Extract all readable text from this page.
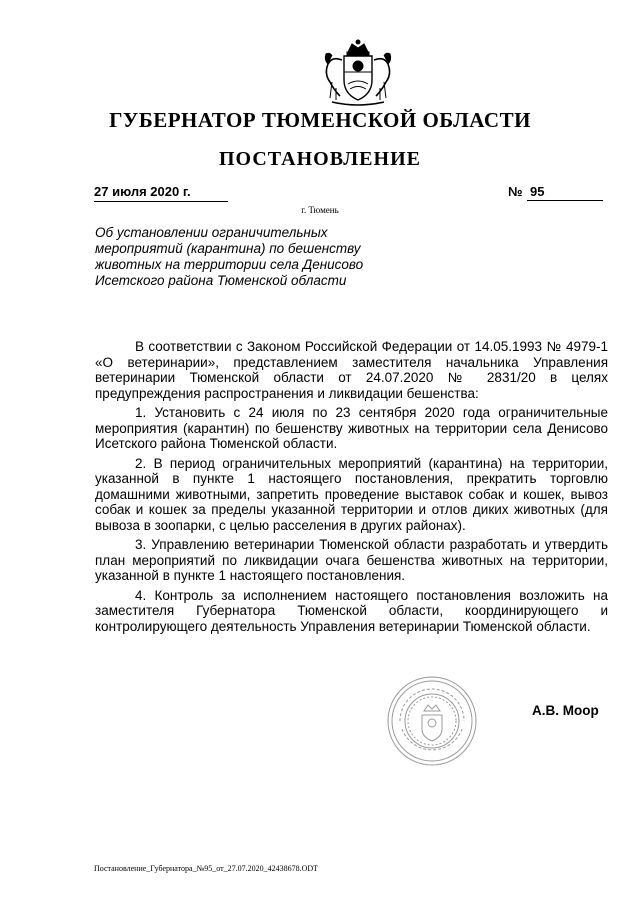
ГУБЕРНАТОР ТЮМЕНСКОЙ ОБЛАСТИ
ПОСТАНОВЛЕНИЕ
27 июля 2020 г.	№ 95
г. Тюмень
Об установлении ограничительных мероприятий (карантина) по бешенству животных на территории села Денисово Исетского района Тюменской области

В соответствии с Законом Российской Федерации от 14.05.1993 № 4979-1 «О ветеринарии», представлением заместителя начальника Управления ветеринарии Тюменской области от 24.07.2020 № 2831/20 в целях предупреждения распространения и ликвидации бешенства:

1. Установить с 24 июля по 23 сентября 2020 года ограничительные мероприятия (карантин) по бешенству животных на территории села Денисово Исетского района Тюменской области.

2. В период ограничительных мероприятий (карантина) на территории, указанной в пункте 1 настоящего постановления, прекратить торговлю домашними животными, запретить проведение выставок собак и кошек, вывоз собак и кошек за пределы указанной территории и отлов диких животных (для вывоза в зоопарки, с целью расселения в других районах).

3. Управлению ветеринарии Тюменской области разработать и утвердить план мероприятий по ликвидации очага бешенства животных на территории, указанной в пункте 1 настоящего постановления.

4. Контроль за исполнением настоящего постановления возложить на заместителя Губернатора Тюменской области, координирующего и контролирующего деятельность Управления ветеринарии Тюменской области.

А.В. Моор
Постановление_Губернатора_№95_от_27.07.2020_42438678.ODT
